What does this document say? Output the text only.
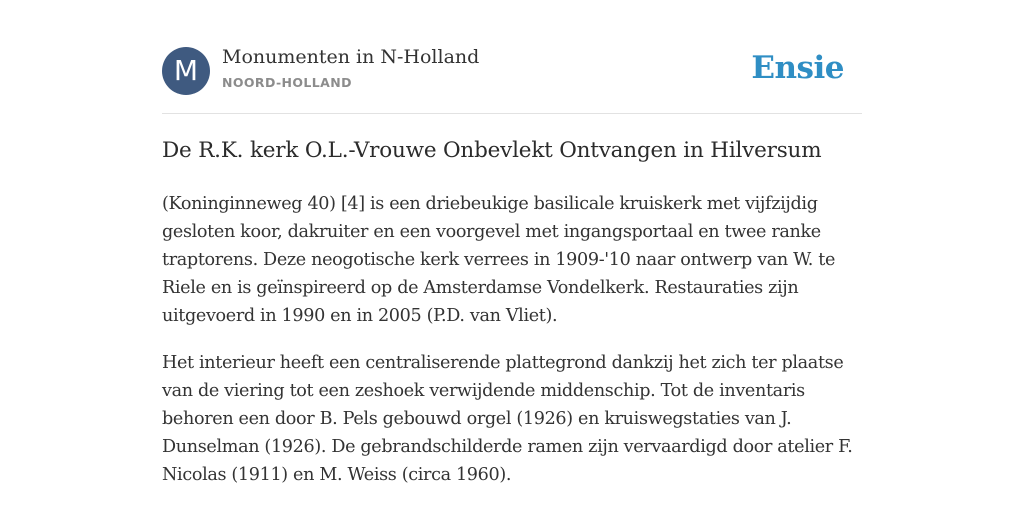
M	Monumenten in N-Holland
NOORD-HOLLAND	Ensie
De R.K. kerk O.L.-Vrouwe Onbevlekt Ontvangen in Hilversum

(Koninginneweg 40) [4] is een driebeukige basilicale kruiskerk met vijfzijdig gesloten koor, dakruiter en een voorgevel met ingangsportaal en twee ranke traptorens. Deze neogotische kerk verrees in 1909-'10 naar ontwerp van W. te Riele en is geïnspireerd op de Amsterdamse Vondelkerk. Restauraties zijn uitgevoerd in 1990 en in 2005 (P.D. van Vliet).

Het interieur heeft een centraliserende plattegrond dankzij het zich ter plaatse van de viering tot een zeshoek verwijdende middenschip. Tot de inventaris behoren een door B. Pels gebouwd orgel (1926) en kruiswegstaties van J. Dunselman (1926). De gebrandschilderde ramen zijn vervaardigd door atelier F. Nicolas (1911) en M. Weiss (circa 1960).
